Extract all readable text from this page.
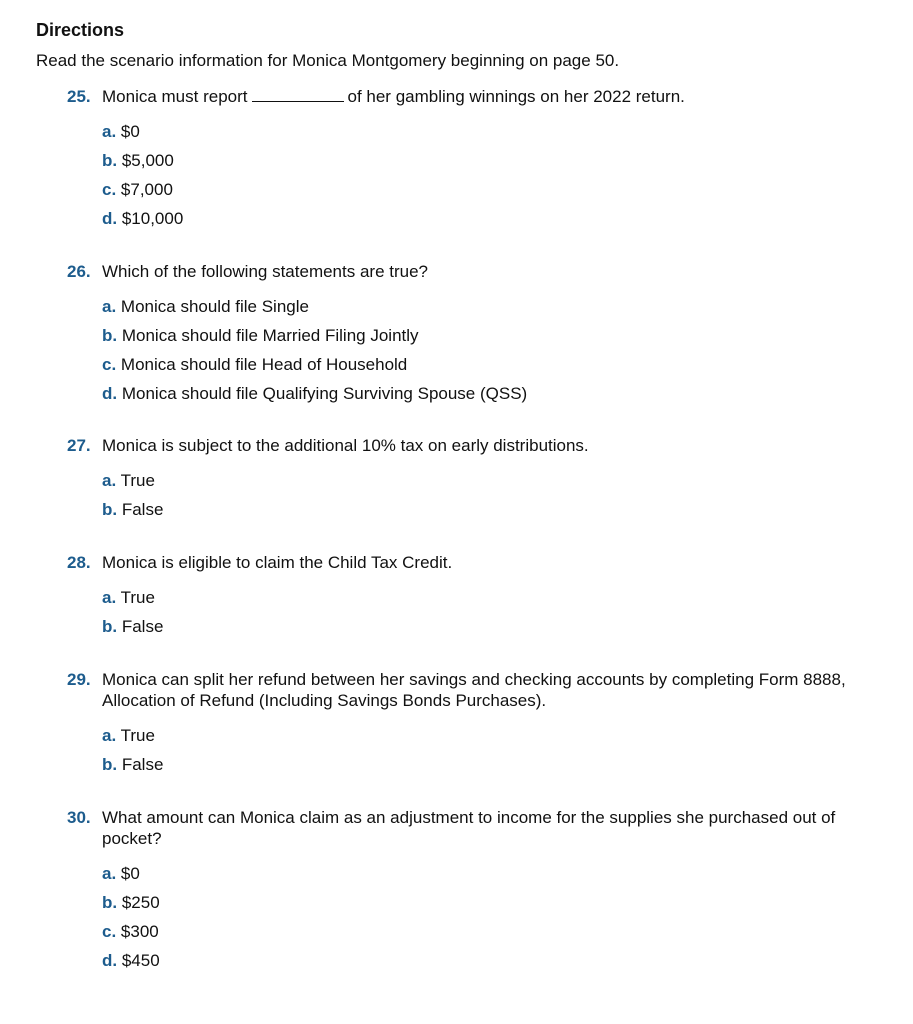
Directions

Read the scenario information for Monica Montgomery beginning on page 50.

25. Monica must report	of her gambling winnings on her 2022 return.
a. $0
b. $5,000
c. $7,000
d. $10,000
26. Which of the following statements are true?
a. Monica should file Single
b. Monica should file Married Filing Jointly
c. Monica should file Head of Household
d. Monica should file Qualifying Surviving Spouse (QSS)
27. Monica is subject to the additional 10% tax on early distributions.
a. True
b. False
28. Monica is eligible to claim the Child Tax Credit.
a. True
b. False
29. Monica can split her refund between her savings and checking accounts by completing Form 8888, Allocation of Refund (Including Savings Bonds Purchases).
a. True
b. False
30. What amount can Monica claim as an adjustment to income for the supplies she purchased out of pocket?
a. $0
b. $250
c. $300
d. $450
